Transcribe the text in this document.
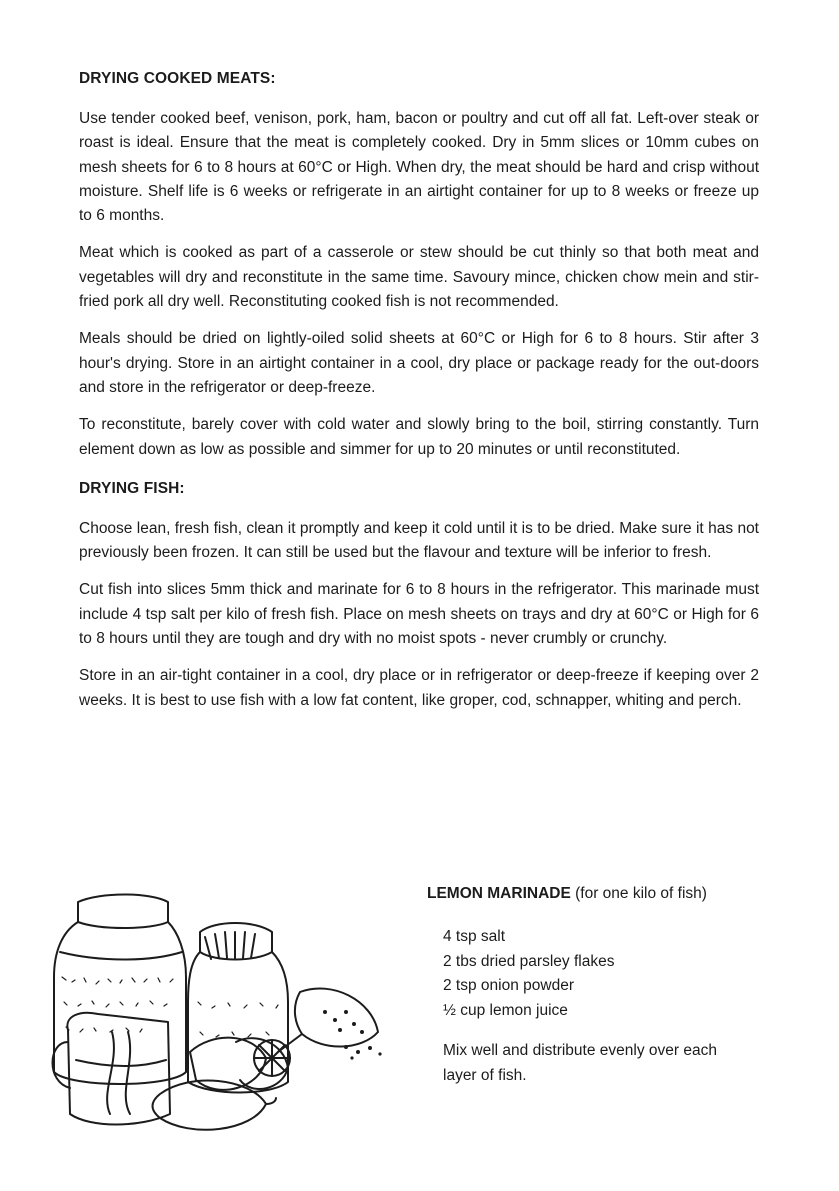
DRYING COOKED MEATS:

Use tender cooked beef, venison, pork, ham, bacon or poultry and cut off all fat. Left-over steak or roast is ideal. Ensure that the meat is completely cooked. Dry in 5mm slices or 10mm cubes on mesh sheets for 6 to 8 hours at 60°C or High. When dry, the meat should be hard and crisp without moisture. Shelf life is 6 weeks or refrigerate in an airtight container for up to 8 weeks or freeze up to 6 months.

Meat which is cooked as part of a casserole or stew should be cut thinly so that both meat and vegetables will dry and reconstitute in the same time. Savoury mince, chicken chow mein and stir-fried pork all dry well. Reconstituting cooked fish is not recommended.

Meals should be dried on lightly-oiled solid sheets at 60°C or High for 6 to 8 hours. Stir after 3 hour's drying. Store in an airtight container in a cool, dry place or package ready for the out-doors and store in the refrigerator or deep-freeze.

To reconstitute, barely cover with cold water and slowly bring to the boil, stirring constantly. Turn element down as low as possible and simmer for up to 20 minutes or until reconstituted.

DRYING FISH:

Choose lean, fresh fish, clean it promptly and keep it cold until it is to be dried. Make sure it has not previously been frozen. It can still be used but the flavour and texture will be inferior to fresh.

Cut fish into slices 5mm thick and marinate for 6 to 8 hours in the refrigerator. This marinade must include 4 tsp salt per kilo of fresh fish. Place on mesh sheets on trays and dry at 60°C or High for 6 to 8 hours until they are tough and dry with no moist spots - never crumbly or crunchy.

Store in an air-tight container in a cool, dry place or in refrigerator or deep-freeze if keeping over 2 weeks. It is best to use fish with a low fat content, like groper, cod, schnapper, whiting and perch.

LEMON MARINADE (for one kilo of fish)
4 tsp salt
2 tbs dried parsley flakes
2 tsp onion powder
½ cup lemon juice
Mix well and distribute evenly over each layer of fish.
